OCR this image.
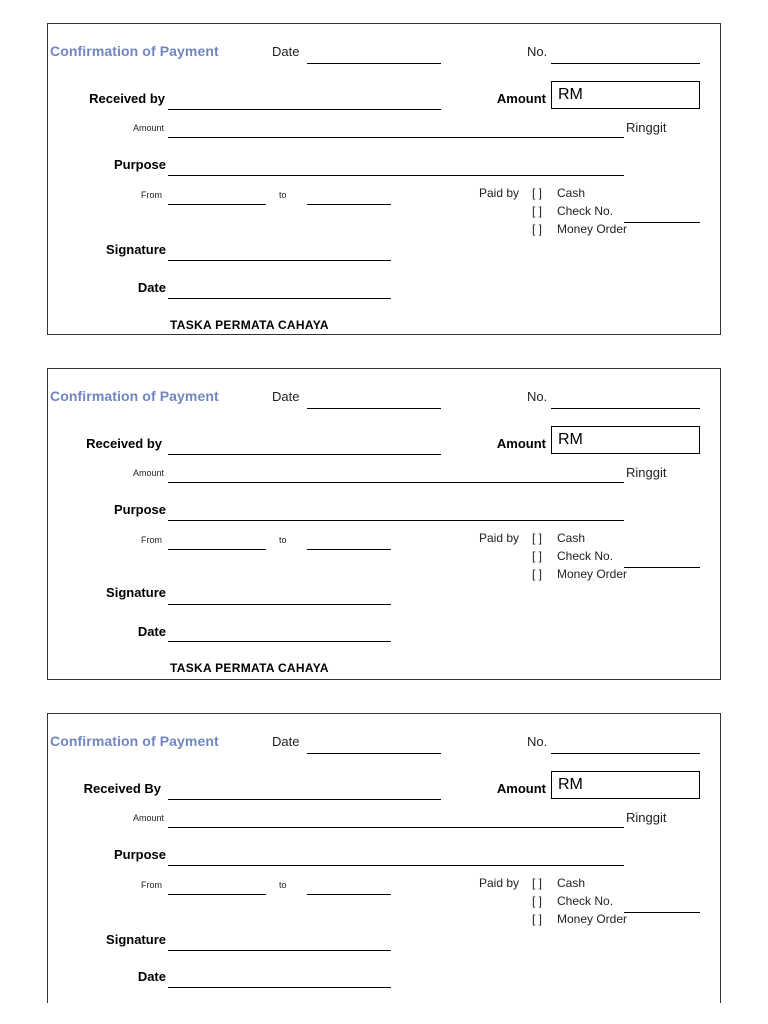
Confirmation of Payment	Date	No.
Received by	Amount RM
Amount	Ringgit
Purpose
From	to	Paid by [ ] Cash
[ ] Check No.
[ ] Money Order
Signature
Date
TASKA PERMATA CAHAYA
Confirmation of Payment	Date	No.
Received by	Amount RM
Amount	Ringgit
Purpose
From	to	Paid by [ ] Cash
[ ] Check No.
[ ] Money Order
Signature
Date
TASKA PERMATA CAHAYA
Confirmation of Payment	Date	No.
Received By	Amount RM
Amount	Ringgit
Purpose
From	to	Paid by [ ] Cash
[ ] Check No.
[ ] Money Order
Signature
Date
